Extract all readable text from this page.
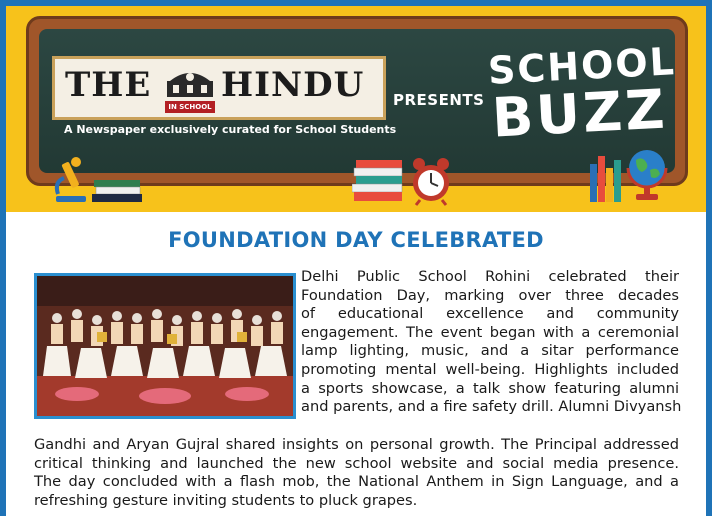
THE HINDU
IN SCHOOL	PRESENTS
A Newspaper exclusively curated for School Students
SCHOOL
BUZZ
FOUNDATION DAY CELEBRATED
Delhi Public School Rohini celebrated their
Foundation Day, marking over three decades
of educational excellence and community
engagement. The event began with a ceremonial
lamp lighting, music, and a sitar performance
promoting mental well-being. Highlights included
a sports showcase, a talk show featuring alumni
and parents, and a fire safety drill. Alumni Divyansh
Gandhi and Aryan Gujral shared insights on personal growth. The Principal addressed
critical thinking and launched the new school website and social media presence.
The day concluded with a flash mob, the National Anthem in Sign Language, and a
refreshing gesture inviting students to pluck grapes.
